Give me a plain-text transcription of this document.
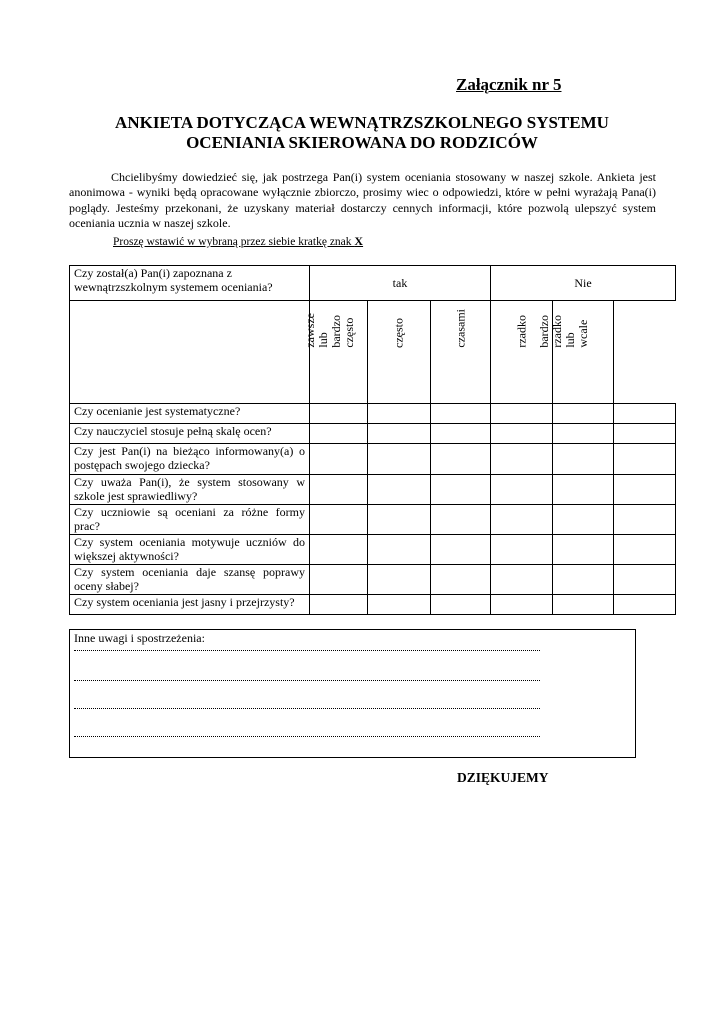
Załącznik nr 5
ANKIETA DOTYCZĄCA WEWNĄTRZSZKOLNEGO SYSTEMU
OCENIANIA SKIEROWANA DO RODZICÓW

Chcielibyśmy dowiedzieć się, jak postrzega Pan(i) system oceniania stosowany w naszej szkole. Ankieta jest anonimowa - wyniki będą opracowane wyłącznie zbiorczo, prosimy wiec o odpowiedzi, które w pełni wyrażają Pana(i) poglądy. Jesteśmy przekonani, że uzyskany materiał dostarczy cennych informacji, które pozwolą ulepszyć system oceniania ucznia w naszej szkole.

Proszę wstawić w wybraną przez siebie kratkę znak X
Czy został(a) Pan(i) zapoznana z wewnątrzszkolnym systemem oceniania?	tak			Nie		

	zawsze lub bardzo często	często	czasami	rzadko	bardzo rzadko lub wcale	

Czy ocenianie jest systematyczne?						
Czy nauczyciel stosuje pełną skalę ocen?						
Czy jest Pan(i) na bieżąco informowany(a) o postępach swojego dziecka?						
Czy uważa Pan(i), że system stosowany w szkole jest sprawiedliwy?						
Czy uczniowie są oceniani za różne formy prac?						
Czy system oceniania motywuje uczniów do większej aktywności?						
Czy system oceniania daje szansę poprawy oceny słabej?						
Czy system oceniania jest jasny i przejrzysty?						
Inne uwagi i spostrzeżenia:
DZIĘKUJEMY
